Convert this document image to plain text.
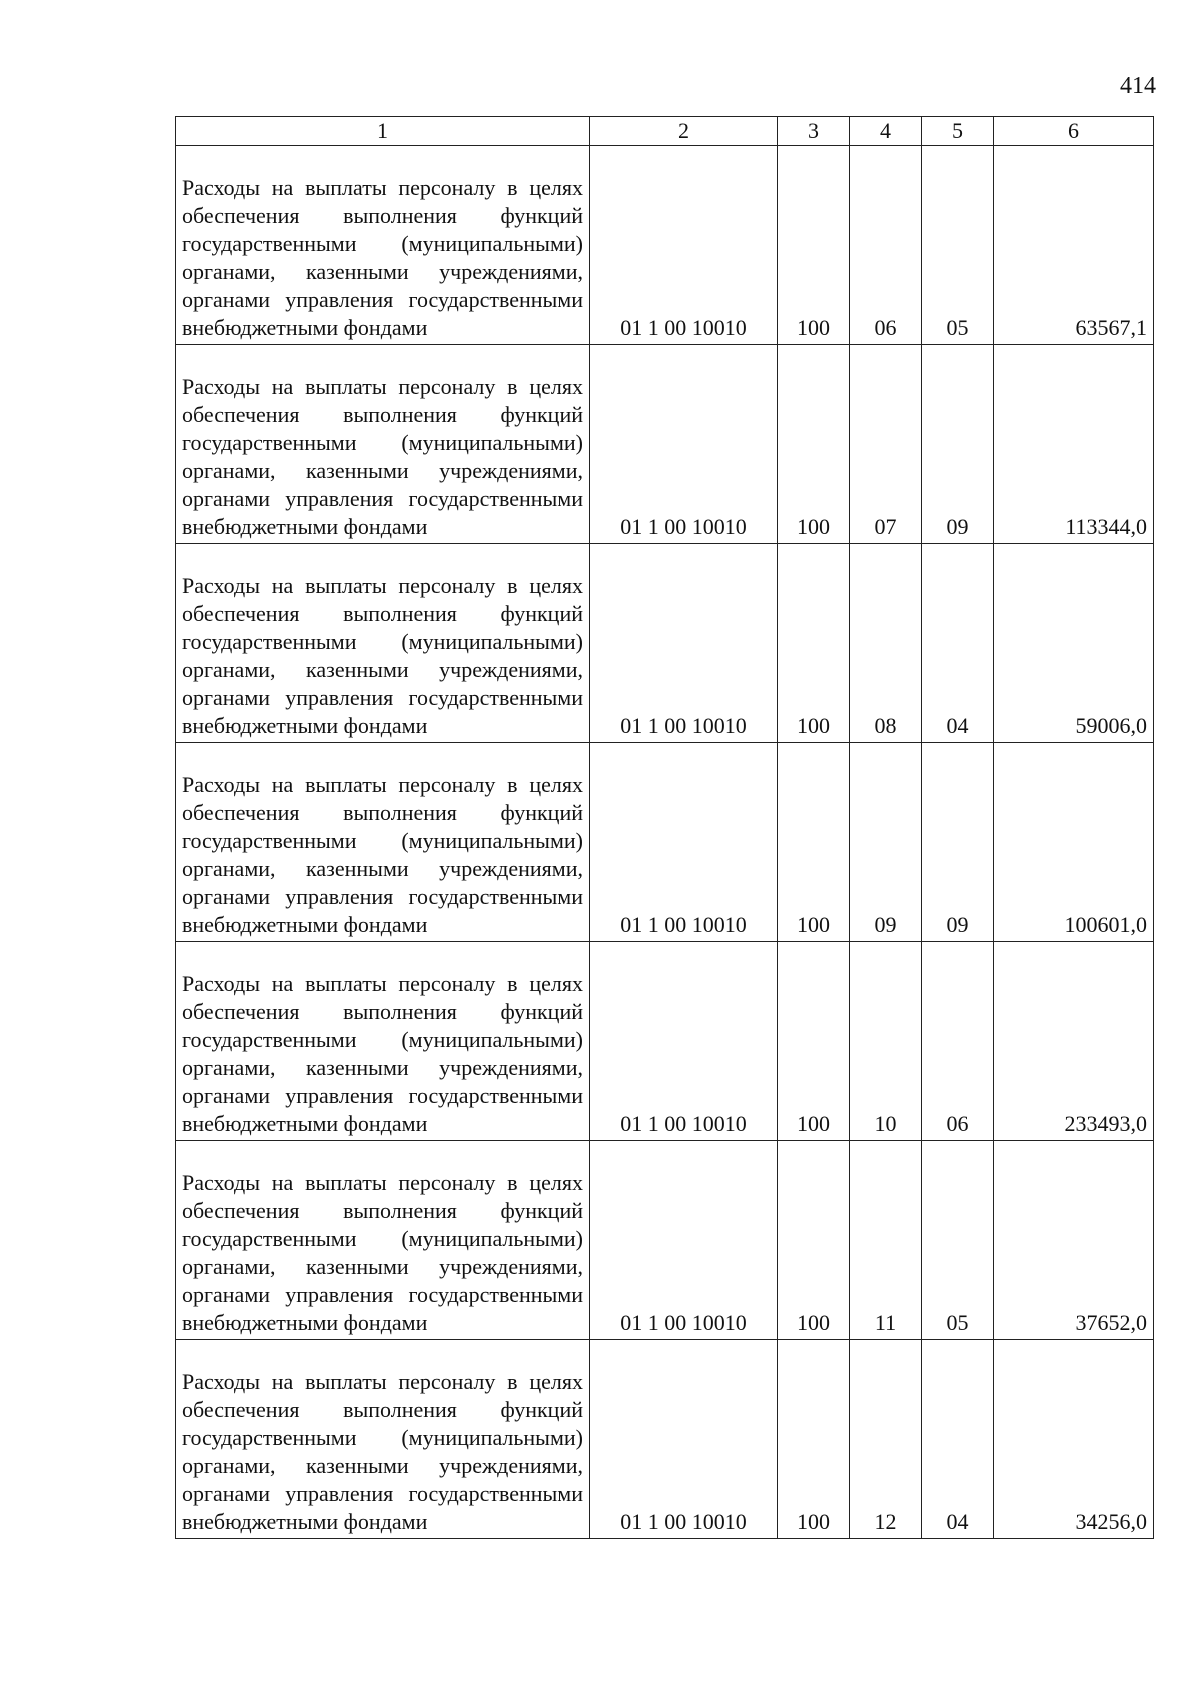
414
1	2	3	4	5	6
Расходы на выплаты персоналу в целях обеспечения выполнения функций государственными (муниципальными) органами, казенными учреждениями, органами управления государственными внебюджетными фондами	01 1 00 10010	100	06	05	63567,1
Расходы на выплаты персоналу в целях обеспечения выполнения функций государственными (муниципальными) органами, казенными учреждениями, органами управления государственными внебюджетными фондами	01 1 00 10010	100	07	09	113344,0
Расходы на выплаты персоналу в целях обеспечения выполнения функций государственными (муниципальными) органами, казенными учреждениями, органами управления государственными внебюджетными фондами	01 1 00 10010	100	08	04	59006,0
Расходы на выплаты персоналу в целях обеспечения выполнения функций государственными (муниципальными) органами, казенными учреждениями, органами управления государственными внебюджетными фондами	01 1 00 10010	100	09	09	100601,0
Расходы на выплаты персоналу в целях обеспечения выполнения функций государственными (муниципальными) органами, казенными учреждениями, органами управления государственными внебюджетными фондами	01 1 00 10010	100	10	06	233493,0
Расходы на выплаты персоналу в целях обеспечения выполнения функций государственными (муниципальными) органами, казенными учреждениями, органами управления государственными внебюджетными фондами	01 1 00 10010	100	11	05	37652,0
Расходы на выплаты персоналу в целях обеспечения выполнения функций государственными (муниципальными) органами, казенными учреждениями, органами управления государственными внебюджетными фондами	01 1 00 10010	100	12	04	34256,0
